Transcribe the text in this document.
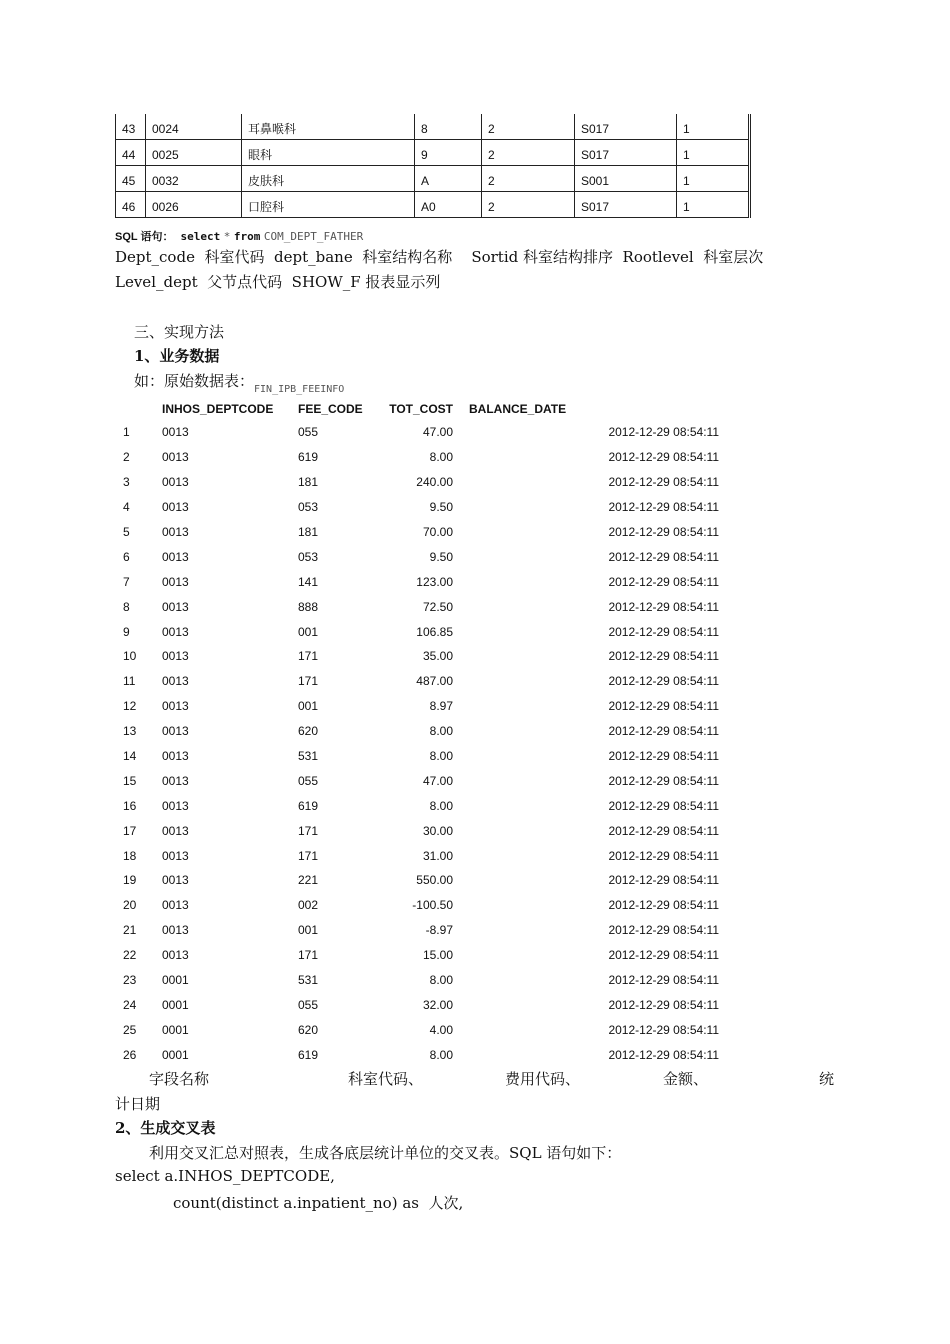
43	0024	耳鼻喉科	8	2	S017	1
44	0025	眼科	9	2	S017	1
45	0032	皮肤科	A	2	S001	1
46	0026	口腔科	A0	2	S017	1
SQL 语句： select * from COM_DEPT_FATHER
Dept_code  科室代码  dept_bane  科室结构名称    Sortid 科室结构排序  Rootlevel  科室层次
Level_dept  父节点代码  SHOW_F 报表显示列
三、实现方法
1、业务数据
如：原始数据表：$_{FIN\_IPB\_FEEINFO}$
	INHOS_DEPTCODE	FEE_CODE	TOT_COST	BALANCE_DATE
1	0013	055	47.00	2012-12-29 08:54:11
2	0013	619	8.00	2012-12-29 08:54:11
3	0013	181	240.00	2012-12-29 08:54:11
4	0013	053	9.50	2012-12-29 08:54:11
5	0013	181	70.00	2012-12-29 08:54:11
6	0013	053	9.50	2012-12-29 08:54:11
7	0013	141	123.00	2012-12-29 08:54:11
8	0013	888	72.50	2012-12-29 08:54:11
9	0013	001	106.85	2012-12-29 08:54:11
10	0013	171	35.00	2012-12-29 08:54:11
11	0013	171	487.00	2012-12-29 08:54:11
12	0013	001	8.97	2012-12-29 08:54:11
13	0013	620	8.00	2012-12-29 08:54:11
14	0013	531	8.00	2012-12-29 08:54:11
15	0013	055	47.00	2012-12-29 08:54:11
16	0013	619	8.00	2012-12-29 08:54:11
17	0013	171	30.00	2012-12-29 08:54:11
18	0013	171	31.00	2012-12-29 08:54:11
19	0013	221	550.00	2012-12-29 08:54:11
20	0013	002	-100.50	2012-12-29 08:54:11
21	0013	001	-8.97	2012-12-29 08:54:11
22	0013	171	15.00	2012-12-29 08:54:11
23	0001	531	8.00	2012-12-29 08:54:11
24	0001	055	32.00	2012-12-29 08:54:11
25	0001	620	4.00	2012-12-29 08:54:11
26	0001	619	8.00	2012-12-29 08:54:11
字段名称	科室代码、	费用代码、	金额、	统
计日期
2、生成交叉表
利用交叉汇总对照表，生成各底层统计单位的交叉表。SQL 语句如下：
select a.INHOS_DEPTCODE,
count(distinct a.inpatient_no) as  人次,
